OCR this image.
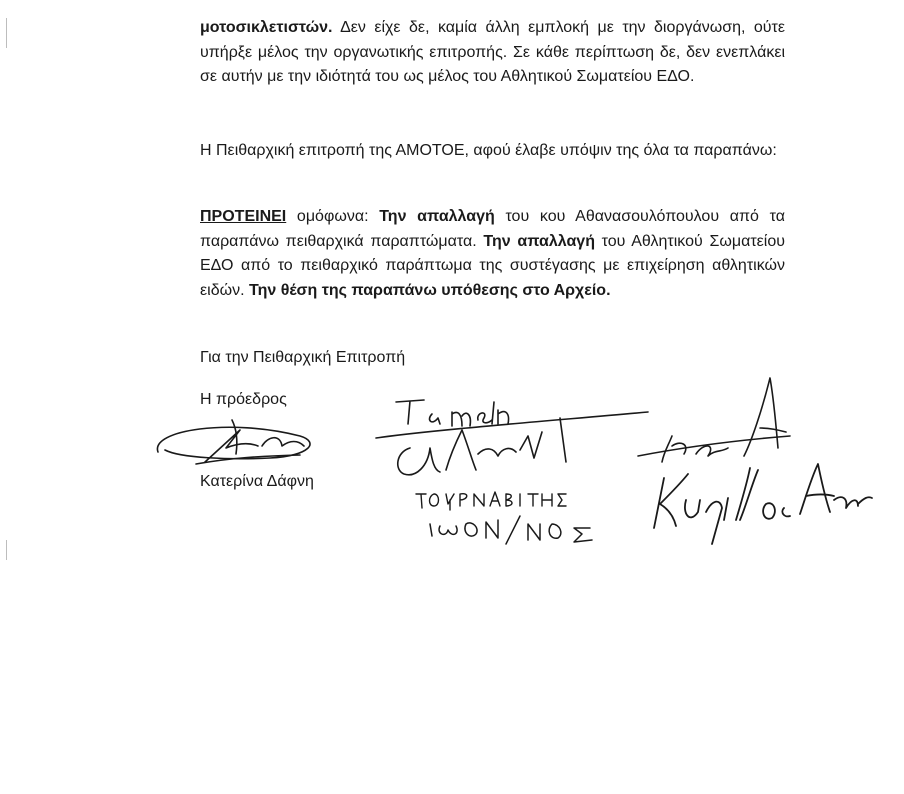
μοτοσικλετιστών. Δεν είχε δε, καμία άλλη εμπλοκή με την διοργάνωση, ούτε υπήρξε μέλος την οργανωτικής επιτροπής. Σε κάθε περίπτωση δε, δεν ενεπλάκει σε αυτήν με την ιδιότητά του ως μέλος του Αθλητικού Σωματείου ΕΔΟ.

Η Πειθαρχική επιτροπή της ΑΜΟΤΟΕ, αφού έλαβε υπόψιν της όλα τα παραπάνω:

ΠΡΟΤΕΙΝΕΙ ομόφωνα: Την απαλλαγή του κου Αθανασουλόπουλου από τα παραπάνω πειθαρχικά παραπτώματα. Την απαλλαγή του Αθλητικού Σωματείου ΕΔΟ από το πειθαρχικό παράπτωμα της συστέγασης με επιχείρηση αθλητικών ειδών. Την θέση της παραπάνω υπόθεσης στο Αρχείο.

Για την Πειθαρχική Επιτροπή
Η πρόεδρος
Κατερίνα Δάφνη
